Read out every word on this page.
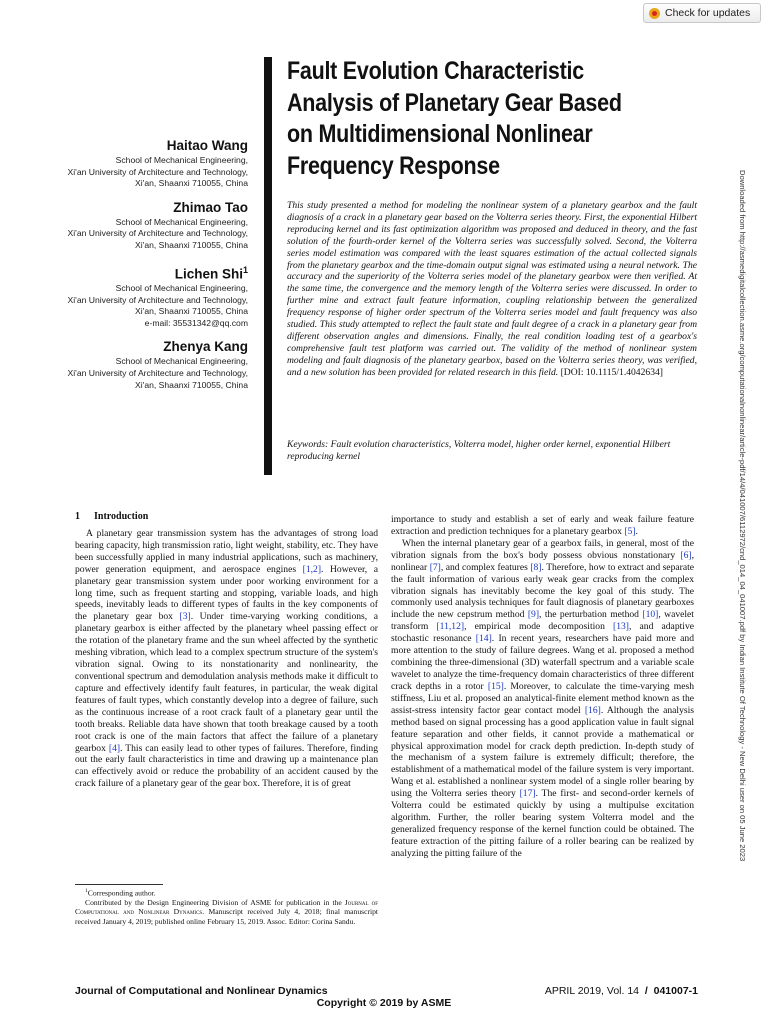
Check for updates
Fault Evolution Characteristic Analysis of Planetary Gear Based on Multidimensional Nonlinear Frequency Response
Haitao Wang
School of Mechanical Engineering,
Xi'an University of Architecture and Technology,
Xi'an, Shaanxi 710055, China
Zhimao Tao
School of Mechanical Engineering,
Xi'an University of Architecture and Technology,
Xi'an, Shaanxi 710055, China
Lichen Shi$^1$
School of Mechanical Engineering,
Xi'an University of Architecture and Technology,
Xi'an, Shaanxi 710055, China
e-mail: 35531342@qq.com
Zhenya Kang
School of Mechanical Engineering,
Xi'an University of Architecture and Technology,
Xi'an, Shaanxi 710055, China
This study presented a method for modeling the nonlinear system of a planetary gearbox and the fault diagnosis of a crack in a planetary gear based on the Volterra series theory. First, the exponential Hilbert reproducing kernel and its fast optimization algorithm was proposed and deduced in theory, and the fast solution of the fourth-order kernel of the Volterra series was successfully solved. Second, the Volterra series model estimation was compared with the least squares estimation of the actual collected signals from the planetary gearbox and the time-domain output signal was estimated using a neural network. The accuracy and the superiority of the Volterra series model of the planetary gearbox were then verified. At the same time, the convergence and the memory length of the Volterra series were discussed. In order to further mine and extract fault feature information, coupling relationship between the generalized frequency response of higher order spectrum of the Volterra series model and fault frequency was also studied. This study attempted to reflect the fault state and fault degree of a crack in a planetary gear from different observation angles and dimensions. Finally, the real condition loading test of a gearbox's comprehensive fault test platform was carried out. The validity of the method of nonlinear system modeling and fault diagnosis of the planetary gearbox, based on the Volterra series theory, was verified, and a new solution has been provided for related research in this field. [DOI: 10.1115/1.4042634]
Keywords: Fault evolution characteristics, Volterra model, higher order kernel, exponential Hilbert reproducing kernel	Downloaded from http://asmedigitalcollection.asme.org/computationalnonlinear/article-pdf/14/4/041007/6112972/cnd_014_04_041007.pdf by Indian Institute Of Technology - New Delhi user on 05 June 2023
1 Introduction

A planetary gear transmission system has the advantages of strong load bearing capacity, high transmission ratio, light weight, stability, etc. They have been successfully applied in many industrial applications, such as machinery, power generation equipment, and aerospace engines [1,2]. However, a planetary gear transmission system under poor working environment for a long time, such as frequent starting and stopping, variable loads, and high speeds, inevitably leads to different types of faults in the key components of the planetary gear box [3]. Under time-varying working conditions, a planetary gearbox is either affected by the planetary wheel passing effect or the rotation of the planetary frame and the sun wheel affected by the synthetic meshing vibration, which lead to a complex spectrum structure of the system's vibration signal. Owing to its nonstationarity and nonlinearity, the conventional spectrum and demodulation analysis methods make it difficult to capture and effectively identify fault features, in particular, the weak digital features of fault types, which constantly develop into a degree of failure, such as the continuous increase of a root crack fault of a planetary gear until the tooth breaks. Reliable data have shown that tooth breakage caused by a tooth root crack is one of the main factors that affect the failure of a planetary gearbox [4]. This can easily lead to other types of failures. Therefore, finding out the early fault characteristics in time and drawing up a maintenance plan can effectively avoid or reduce the probability of an accident caused by the crack failure of a planetary gear of the gear box. Therefore, it is of great

importance to study and establish a set of early and weak failure feature extraction and prediction techniques for a planetary gearbox [5].

When the internal planetary gear of a gearbox fails, in general, most of the vibration signals from the box's body possess obvious nonstationary [6], nonlinear [7], and complex features [8]. Therefore, how to extract and separate the fault information of various early weak gear cracks from the complex vibration signals has inevitably become the key goal of this study. The commonly used analysis techniques for fault diagnosis of planetary gearboxes include the new cepstrum method [9], the perturbation method [10], wavelet transform [11,12], empirical mode decomposition [13], and adaptive stochastic resonance [14]. In recent years, researchers have paid more and more attention to the study of failure degrees. Wang et al. proposed a method combining the three-dimensional (3D) waterfall spectrum and a variable scale wavelet to analyze the time-frequency domain characteristics of three different crack depths in a rotor [15]. Moreover, to calculate the time-varying mesh stiffness, Liu et al. proposed an analytical-finite element method known as the assist-stress intensity factor gear contact model [16]. Although the analysis method based on signal processing has a good application value in fault signal feature separation and other fields, it cannot provide a mathematical or physical approximation model for crack depth prediction. In-depth study of the mechanism of a system failure is extremely difficult; therefore, the establishment of a mathematical model of the failure system is very important. Wang et al. established a nonlinear system model of a single roller bearing by using the Volterra series theory [17]. The first- and second-order kernels of Volterra could be estimated quickly by using a multipulse excitation algorithm. Further, the roller bearing system Volterra model and the generalized frequency response of the kernel function could be obtained. The feature extraction of the pitting failure of a roller bearing can be realized by analyzing the pitting failure of the

$^1$Corresponding author.

Contributed by the Design Engineering Division of ASME for publication in the Journal of Computational and Nonlinear Dynamics. Manuscript received July 4, 2018; final manuscript received January 4, 2019; published online February 15, 2019. Assoc. Editor: Corina Sandu.

Journal of Computational and Nonlinear Dynamics	APRIL 2019, Vol. 14 / 041007-1
Copyright © 2019 by ASME
